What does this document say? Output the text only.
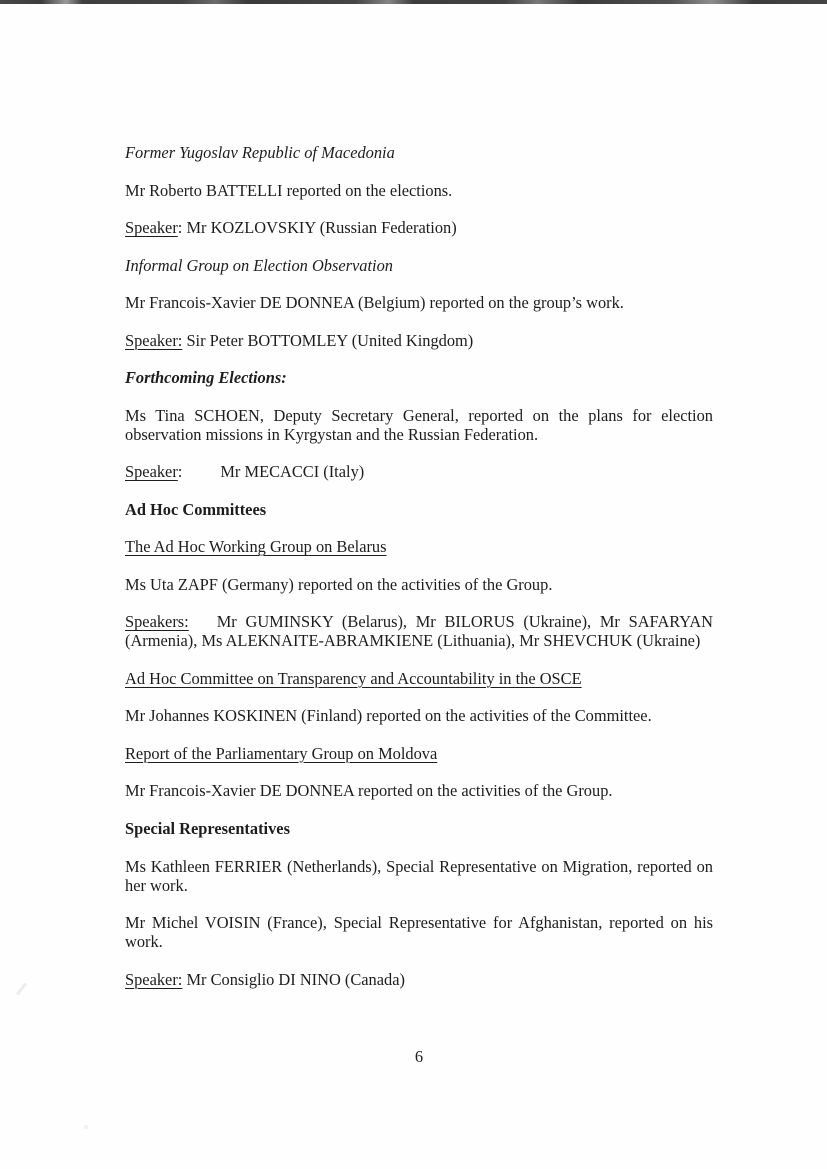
Former Yugoslav Republic of Macedonia

Mr Roberto BATTELLI reported on the elections.

Speaker: Mr KOZLOVSKIY (Russian Federation)

Informal Group on Election Observation

Mr Francois-Xavier DE DONNEA (Belgium) reported on the group’s work.

Speaker: Sir Peter BOTTOMLEY (United Kingdom)

Forthcoming Elections:

Ms Tina SCHOEN, Deputy Secretary General, reported on the plans for election
observation missions in Kyrgystan and the Russian Federation.

Speaker: Mr MECACCI (Italy)

Ad Hoc Committees

The Ad Hoc Working Group on Belarus

Ms Uta ZAPF (Germany) reported on the activities of the Group.

Speakers: Mr GUMINSKY (Belarus), Mr BILORUS (Ukraine), Mr SAFARYAN
(Armenia), Ms ALEKNAITE-ABRAMKIENE (Lithuania), Mr SHEVCHUK (Ukraine)

Ad Hoc Committee on Transparency and Accountability in the OSCE

Mr Johannes KOSKINEN (Finland) reported on the activities of the Committee.

Report of the Parliamentary Group on Moldova

Mr Francois-Xavier DE DONNEA reported on the activities of the Group.

Special Representatives

Ms Kathleen FERRIER (Netherlands), Special Representative on Migration, reported on
her work.
Mr Michel VOISIN (France), Special Representative for Afghanistan, reported on his
work.

Speaker: Mr Consiglio DI NINO (Canada)

6
